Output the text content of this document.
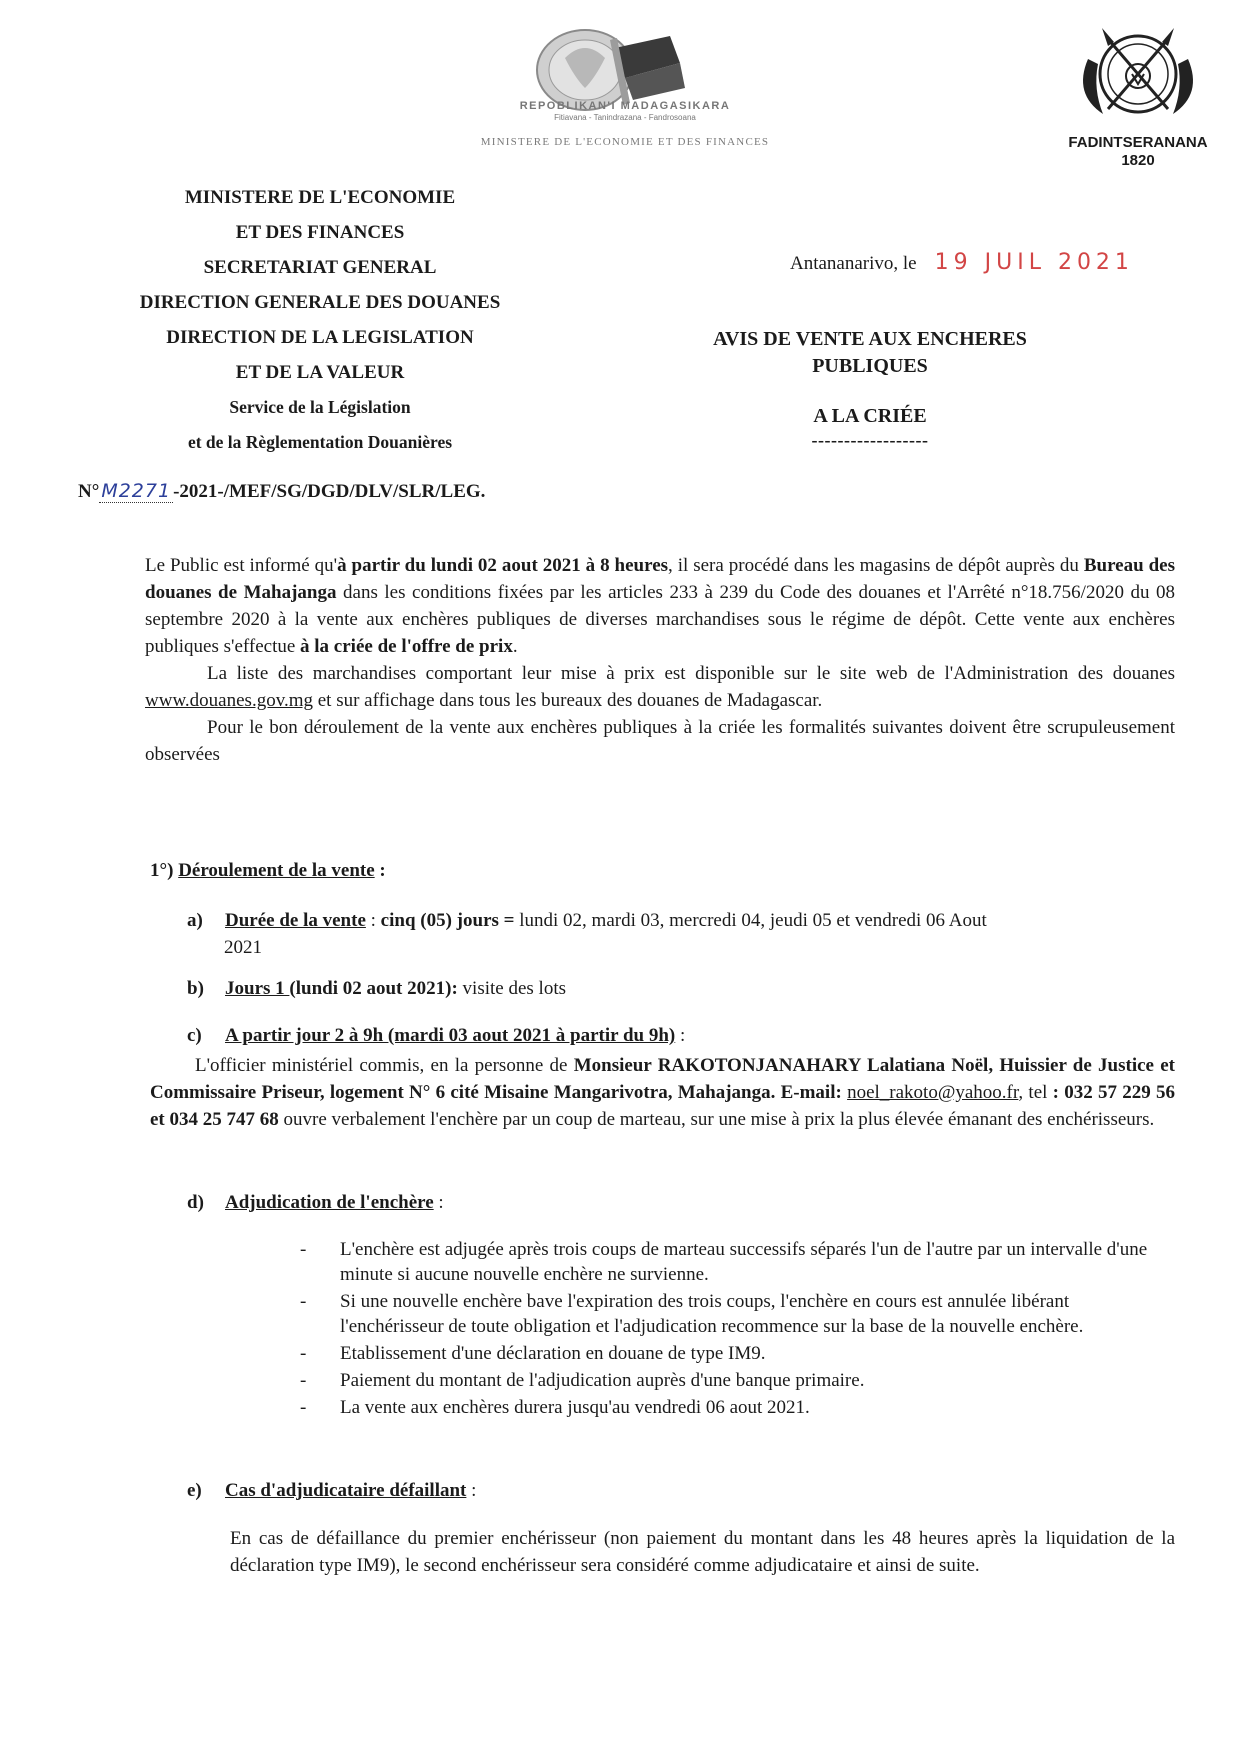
REPOBLIKAN'I MADAGASIKARA
Fitiavana - Tanindrazana - Fandrosoana
MINISTERE DE L'ECONOMIE ET DES FINANCES	FADINTSERANANA
1820
MINISTERE DE L'ECONOMIE
ET DES FINANCES
SECRETARIAT GENERAL
DIRECTION GENERALE DES DOUANES
DIRECTION DE LA LEGISLATION
ET DE LA VALEUR
Service de la Législation
et de la Règlementation Douanières
N° M2271 -2021-/MEF/SG/DGD/DLV/SLR/LEG.
Antananarivo, le 19 JUIL 2021
AVIS DE VENTE AUX ENCHERES
PUBLIQUES
A LA CRIÉE
------------------

Le Public est informé qu'à partir du lundi 02 aout 2021 à 8 heures, il sera procédé dans les magasins de dépôt auprès du Bureau des douanes de Mahajanga dans les conditions fixées par les articles 233 à 239 du Code des douanes et l'Arrêté n°18.756/2020 du 08 septembre 2020 à la vente aux enchères publiques de diverses marchandises sous le régime de dépôt. Cette vente aux enchères publiques s'effectue à la criée de l'offre de prix.

La liste des marchandises comportant leur mise à prix est disponible sur le site web de l'Administration des douanes www.douanes.gov.mg et sur affichage dans tous les bureaux des douanes de Madagascar.

Pour le bon déroulement de la vente aux enchères publiques à la criée les formalités suivantes doivent être scrupuleusement observées

1°) Déroulement de la vente :
a) Durée de la vente : cinq (05) jours = lundi 02, mardi 03, mercredi 04, jeudi 05 et vendredi 06 Aout
2021
b) Jours 1 (lundi 02 aout 2021): visite des lots
c) A partir jour 2 à 9h (mardi 03 aout 2021 à partir du 9h) :
L'officier ministériel commis, en la personne de Monsieur RAKOTONJANAHARY Lalatiana Noël, Huissier de Justice et Commissaire Priseur, logement N° 6 cité Misaine Mangarivotra, Mahajanga. E-mail: noel_rakoto@yahoo.fr, tel : 032 57 229 56 et 034 25 747 68 ouvre verbalement l'enchère par un coup de marteau, sur une mise à prix la plus élevée émanant des enchérisseurs.
d) Adjudication de l'enchère :
- L'enchère est adjugée après trois coups de marteau successifs séparés l'un de l'autre par un intervalle d'une minute si aucune nouvelle enchère ne survienne.
- Si une nouvelle enchère bave l'expiration des trois coups, l'enchère en cours est annulée libérant l'enchérisseur de toute obligation et l'adjudication recommence sur la base de la nouvelle enchère.
- Etablissement d'une déclaration en douane de type IM9.
- Paiement du montant de l'adjudication auprès d'une banque primaire.
- La vente aux enchères durera jusqu'au vendredi 06 aout 2021.
e) Cas d'adjudicataire défaillant :
En cas de défaillance du premier enchérisseur (non paiement du montant dans les 48 heures après la liquidation de la déclaration type IM9), le second enchérisseur sera considéré comme adjudicataire et ainsi de suite.
